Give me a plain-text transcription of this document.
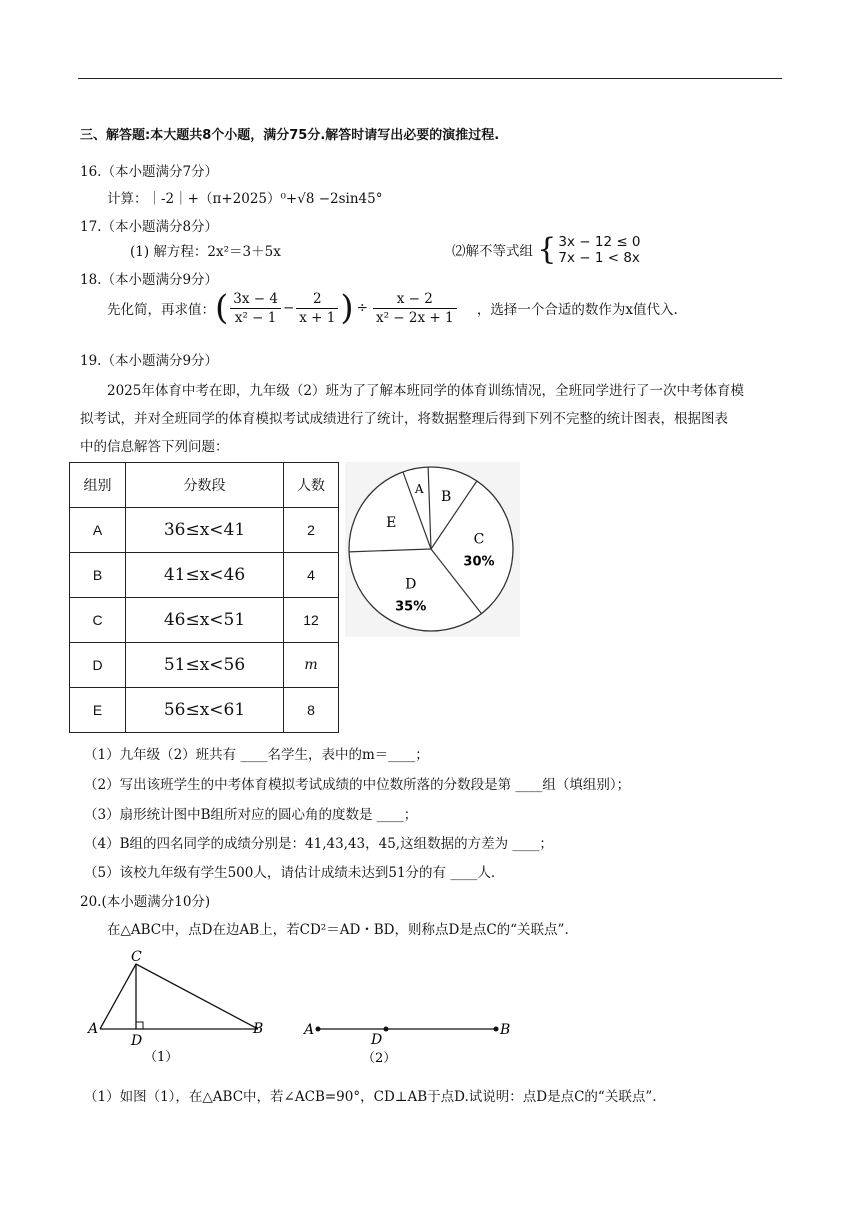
三、解答题:本大题共8个小题，满分75分.解答时请写出必要的演推过程.
16.（本小题满分7分）
计算：｜-2｜+（π+2025）⁰+√8 −2sin45°
17.（本小题满分8分）
(1) 解方程：2x²＝3＋5x	⑵解不等式组 { 3x − 12 ≤ 0
7x − 1 < 8x
18.（本小题满分9分）
先化简，再求值：( $\frac{3x - 4}{\text{x² − 1}} - \frac{2}{x + 1}$ ) ÷ $\frac{x - 2}{\text{x² − 2x + 1}}$ ，选择一个合适的数作为x值代入.
19.（本小题满分9分）
2025年体育中考在即，九年级（2）班为了了解本班同学的体育训练情况，全班同学进行了一次中考体育模
拟考试，并对全班同学的体育模拟考试成绩进行了统计，将数据整理后得到下列不完整的统计图表，根据图表
中的信息解答下列问题：
组别	分数段	人数
A	36≤x<41	2
B	41≤x<46	4
C	46≤x<51	12
D	51≤x<56	m
E	56≤x<61	8
A B
C
30%
D
35%
E
（1）九年级（2）班共有 ____名学生，表中的m＝____；
（2）写出该班学生的中考体育模拟考试成绩的中位数所落的分数段是第 ____组（填组别）；
（3）扇形统计图中B组所对应的圆心角的度数是 ____；
（4）B组的四名同学的成绩分别是：41,43,43，45,这组数据的方差为 ____；
（5）该校九年级有学生500人，请估计成绩未达到51分的有 ____人.
20.(本小题满分10分)
在△ABC中，点D在边AB上，若CD²＝AD・BD，则称点D是点C的“关联点”.
A
C
D
B
（1）
A
D
B
（2）
（1）如图（1），在△ABC中，若∠ACB=90°，CD⊥AB于点D.试说明：点D是点C的“关联点”.
